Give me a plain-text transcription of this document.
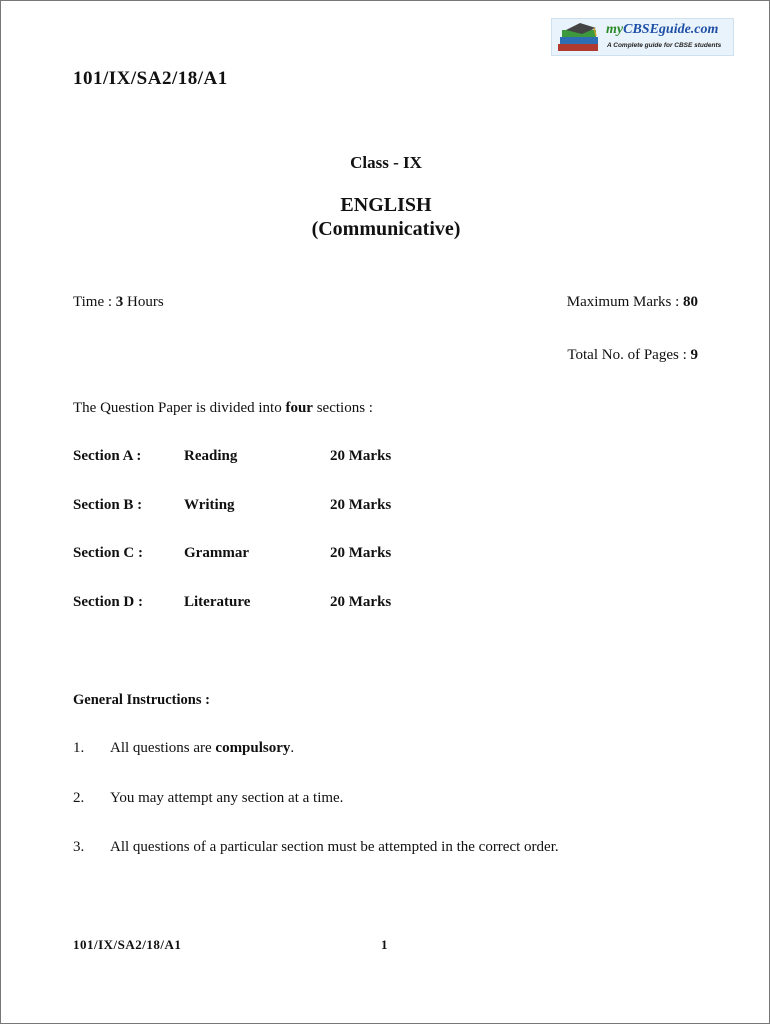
myCBSEguide.com
A Complete guide for CBSE students
101/IX/SA2/18/A1
Class - IX
ENGLISH
(Communicative)
Time : 3 Hours	Maximum Marks : 80
Total No. of Pages : 9
The Question Paper is divided into four sections :
Section A :	Reading	20 Marks
Section B :	Writing	20 Marks
Section C :	Grammar	20 Marks
Section D :	Literature	20 Marks
General Instructions :
1. All questions are compulsory.
2. You may attempt any section at a time.
3. All questions of a particular section must be attempted in the correct order.
101/IX/SA2/18/A1	1
